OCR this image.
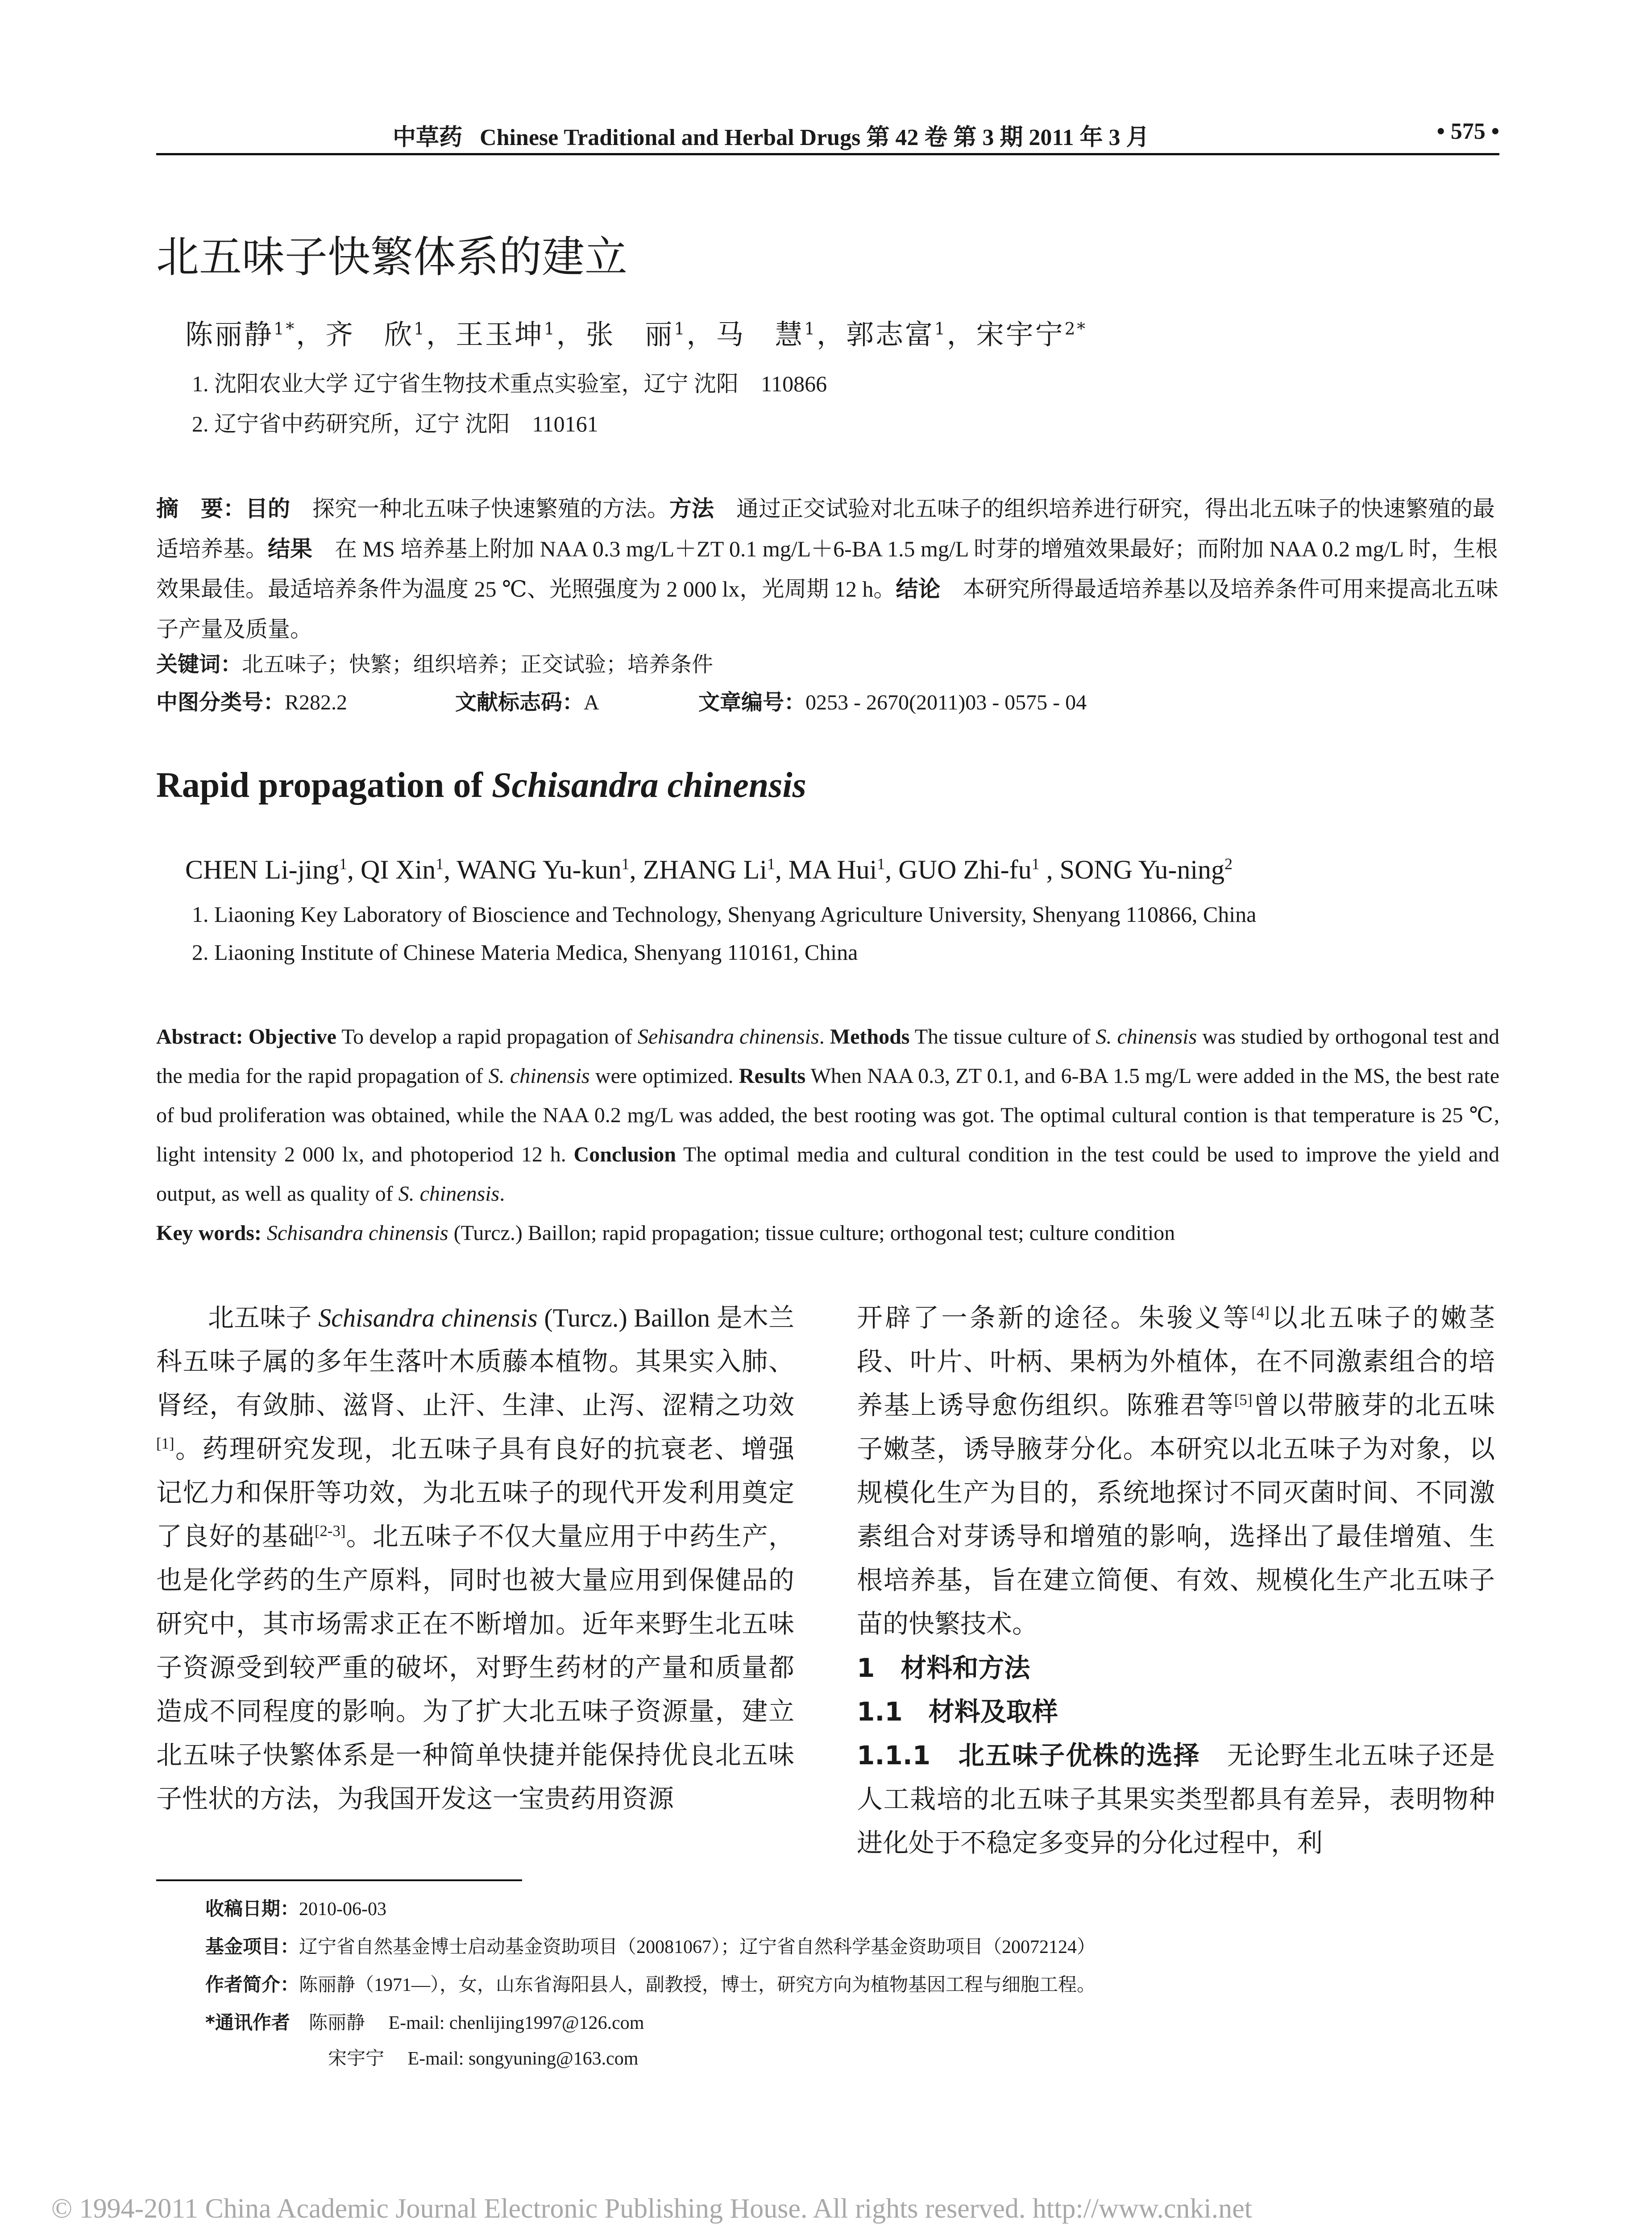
中草药 Chinese Traditional and Herbal Drugs 第 42 卷 第 3 期 2011 年 3 月	• 575 •
北五味子快繁体系的建立
陈丽静$^{1*}$，齐　欣$^1$，王玉坤$^1$，张　丽$^1$，马　慧$^1$，郭志富$^1$，宋宇宁$^{2*}$
1. 沈阳农业大学 辽宁省生物技术重点实验室，辽宁 沈阳　110866
2. 辽宁省中药研究所，辽宁 沈阳　110161
摘　要：目的　探究一种北五味子快速繁殖的方法。方法　通过正交试验对北五味子的组织培养进行研究，得出北五味子的快速繁殖的最适培养基。结果　在 MS 培养基上附加 NAA 0.3 mg/L＋ZT 0.1 mg/L＋6-BA 1.5 mg/L 时芽的增殖效果最好；而附加 NAA 0.2 mg/L 时，生根效果最佳。最适培养条件为温度 25 ℃、光照强度为 2 000 lx，光周期 12 h。结论　本研究所得最适培养基以及培养条件可用来提高北五味子产量及质量。
关键词：北五味子；快繁；组织培养；正交试验；培养条件
中图分类号：R282.2	文献标志码：A	文章编号：0253 - 2670(2011)03 - 0575 - 04
Rapid propagation of Schisandra chinensis
CHEN Li-jing$^1$, QI Xin$^1$, WANG Yu-kun$^1$, ZHANG Li$^1$, MA Hui$^1$, GUO Zhi-$fu^1$ , SONG Yu-ning$^2$
1. Liaoning Key Laboratory of Bioscience and Technology, Shenyang Agriculture University, Shenyang 110866, China
2. Liaoning Institute of Chinese Materia Medica, Shenyang 110161, China
Abstract: Objective To develop a rapid propagation of Sehisandra chinensis. Methods The tissue culture of S. chinensis was studied by orthogonal test and the media for the rapid propagation of S. chinensis were optimized. Results When NAA 0.3, ZT 0.1, and 6-BA 1.5 mg/L were added in the MS, the best rate of bud proliferation was obtained, while the NAA 0.2 mg/L was added, the best rooting was got. The optimal cultural contion is that temperature is 25 ℃, light intensity 2 000 lx, and photoperiod 12 h. Conclusion The optimal media and cultural condition in the test could be used to improve the yield and output, as well as quality of S. chinensis.
Key words: Schisandra chinensis (Turcz.) Baillon; rapid propagation; tissue culture; orthogonal test; culture condition

北五味子 Schisandra chinensis (Turcz.) Baillon 是木兰科五味子属的多年生落叶木质藤本植物。其果实入肺、肾经，有敛肺、滋肾、止汗、生津、止泻、涩精之功效[1]。药理研究发现，北五味子具有良好的抗衰老、增强记忆力和保肝等功效，为北五味子的现代开发利用奠定了良好的基础[2-3]。北五味子不仅大量应用于中药生产，也是化学药的生产原料，同时也被大量应用到保健品的研究中，其市场需求正在不断增加。近年来野生北五味子资源受到较严重的破坏，对野生药材的产量和质量都造成不同程度的影响。为了扩大北五味子资源量，建立北五味子快繁体系是一种简单快捷并能保持优良北五味子性状的方法，为我国开发这一宝贵药用资源

开辟了一条新的途径。朱骏义等[4]以北五味子的嫩茎段、叶片、叶柄、果柄为外植体，在不同激素组合的培养基上诱导愈伤组织。陈雅君等[5]曾以带腋芽的北五味子嫩茎，诱导腋芽分化。本研究以北五味子为对象，以规模化生产为目的，系统地探讨不同灭菌时间、不同激素组合对芽诱导和增殖的影响，选择出了最佳增殖、生根培养基，旨在建立简便、有效、规模化生产北五味子苗的快繁技术。

1　材料和方法

1.1　材料及取样

1.1.1　北五味子优株的选择　无论野生北五味子还是人工栽培的北五味子其果实类型都具有差异，表明物种进化处于不稳定多变异的分化过程中，利

收稿日期：2010-06-03
基金项目：辽宁省自然基金博士启动基金资助项目（20081067）；辽宁省自然科学基金资助项目（20072124）
作者简介：陈丽静（1971—），女，山东省海阳县人，副教授，博士，研究方向为植物基因工程与细胞工程。
*通讯作者　陈丽静　 E-mail: chenlijing1997@126.com
宋宇宁　 E-mail: songyuning@163.com
© 1994-2011 China Academic Journal Electronic Publishing House. All rights reserved. http://www.cnki.net
